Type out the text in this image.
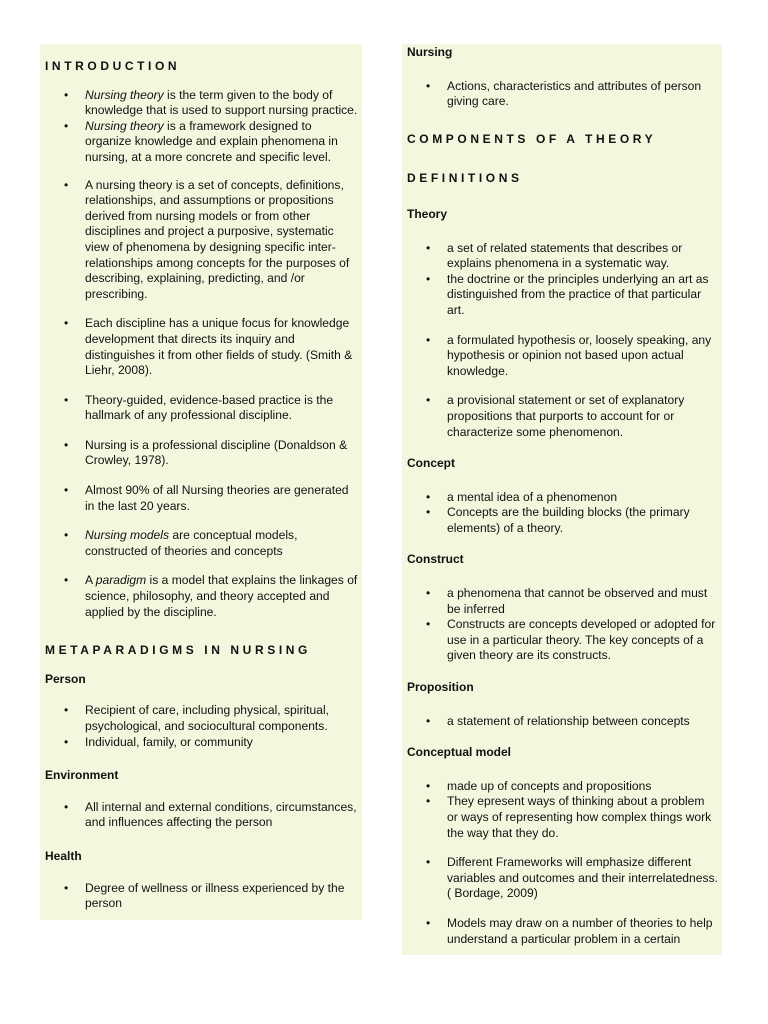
INTRODUCTION
• Nursing theory is the term given to the body of knowledge that is used to support nursing practice.
• Nursing theory is a framework designed to organize knowledge and explain phenomena in nursing, at a more concrete and specific level.
• A nursing theory is a set of concepts, definitions, relationships, and assumptions or propositions derived from nursing models or from other disciplines and project a purposive, systematic view of phenomena by designing specific inter-relationships among concepts for the purposes of describing, explaining, predicting, and /or prescribing.
• Each discipline has a unique focus for knowledge development that directs its inquiry and distinguishes it from other fields of study. (Smith & Liehr, 2008).
• Theory-guided, evidence-based practice is the hallmark of any professional discipline.
• Nursing is a professional discipline (Donaldson & Crowley, 1978).
• Almost 90% of all Nursing theories are generated in the last 20 years.
• Nursing models are conceptual models, constructed of theories and concepts
• A paradigm is a model that explains the linkages of science, philosophy, and theory accepted and applied by the discipline.
METAPARADIGMS IN NURSING
Person
• Recipient of care, including physical, spiritual, psychological, and sociocultural components.
• Individual, family, or community
Environment
• All internal and external conditions, circumstances, and influences affecting the person
Health
• Degree of wellness or illness experienced by the person
Nursing
• Actions, characteristics and attributes of person giving care.
COMPONENTS OF A THEORY
DEFINITIONS
Theory
• a set of related statements that describes or explains phenomena in a systematic way.
• the doctrine or the principles underlying an art as distinguished from the practice of that particular art.
• a formulated hypothesis or, loosely speaking, any hypothesis or opinion not based upon actual knowledge.
• a provisional statement or set of explanatory propositions that purports to account for or characterize some phenomenon.
Concept
• a mental idea of a phenomenon
• Concepts are the building blocks (the primary elements) of a theory.
Construct
• a phenomena that cannot be observed and must be inferred
• Constructs are concepts developed or adopted for use in a particular theory. The key concepts of a given theory are its constructs.
Proposition
• a statement of relationship between concepts
Conceptual model
• made up of concepts and propositions
• They epresent ways of thinking about a problem or ways of representing how complex things work the way that they do.
• Different Frameworks will emphasize different variables and outcomes and their interrelatedness.( Bordage, 2009)
• Models may draw on a number of theories to help understand a particular problem in a certain
